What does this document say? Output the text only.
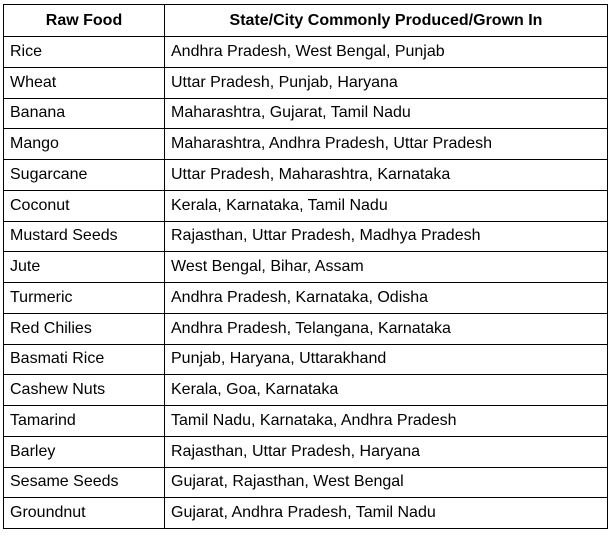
Raw Food	State/City Commonly Produced/Grown In
Rice	Andhra Pradesh, West Bengal, Punjab
Wheat	Uttar Pradesh, Punjab, Haryana
Banana	Maharashtra, Gujarat, Tamil Nadu
Mango	Maharashtra, Andhra Pradesh, Uttar Pradesh
Sugarcane	Uttar Pradesh, Maharashtra, Karnataka
Coconut	Kerala, Karnataka, Tamil Nadu
Mustard Seeds	Rajasthan, Uttar Pradesh, Madhya Pradesh
Jute	West Bengal, Bihar, Assam
Turmeric	Andhra Pradesh, Karnataka, Odisha
Red Chilies	Andhra Pradesh, Telangana, Karnataka
Basmati Rice	Punjab, Haryana, Uttarakhand
Cashew Nuts	Kerala, Goa, Karnataka
Tamarind	Tamil Nadu, Karnataka, Andhra Pradesh
Barley	Rajasthan, Uttar Pradesh, Haryana
Sesame Seeds	Gujarat, Rajasthan, West Bengal
Groundnut	Gujarat, Andhra Pradesh, Tamil Nadu
